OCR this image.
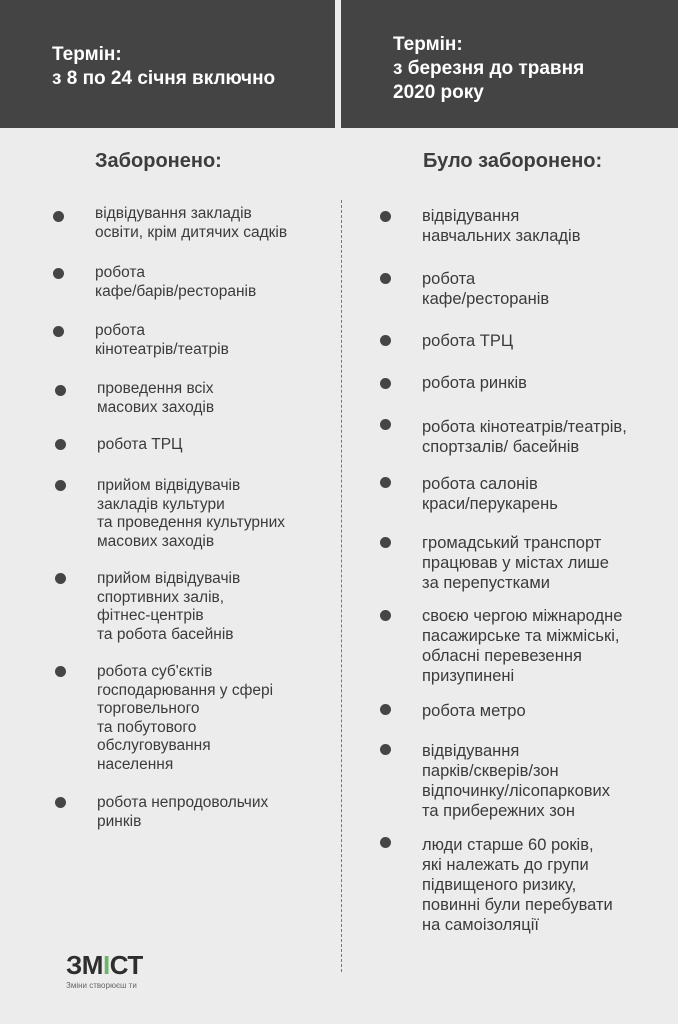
Термін:
з 8 по 24 січня включно
Термін:
з березня до травня
2020 року
Заборонено:	Було заборонено:
відвідування закладів
освіти, крім дитячих садків
робота
кафе/барів/ресторанів
робота
кінотеатрів/театрів
проведення всіх
масових заходів
робота ТРЦ
прийом відвідувачів
закладів культури
та проведення культурних
масових заходів
прийом відвідувачів
спортивних залів,
фітнес-центрів
та робота басейнів
робота суб'єктів
господарювання у сфері
торговельного
та побутового
обслуговування
населення
робота непродовольчих
ринків
відвідування
навчальних закладів
робота
кафе/ресторанів
робота ТРЦ
робота ринків
робота кінотеатрів/театрів,
спортзалів/ басейнів
робота салонів
краси/перукарень
громадський транспорт
працював у містах лише
за перепустками
своєю чергою міжнародне
пасажирське та міжміські,
обласні перевезення
призупинені
робота метро
відвідування
парків/скверів/зон
відпочинку/лісопаркових
та прибережних зон
люди старше 60 років,
які належать до групи
підвищеного ризику,
повинні були перебувати
на самоізоляції
ЗМІСТ
Зміни створюєш ти
